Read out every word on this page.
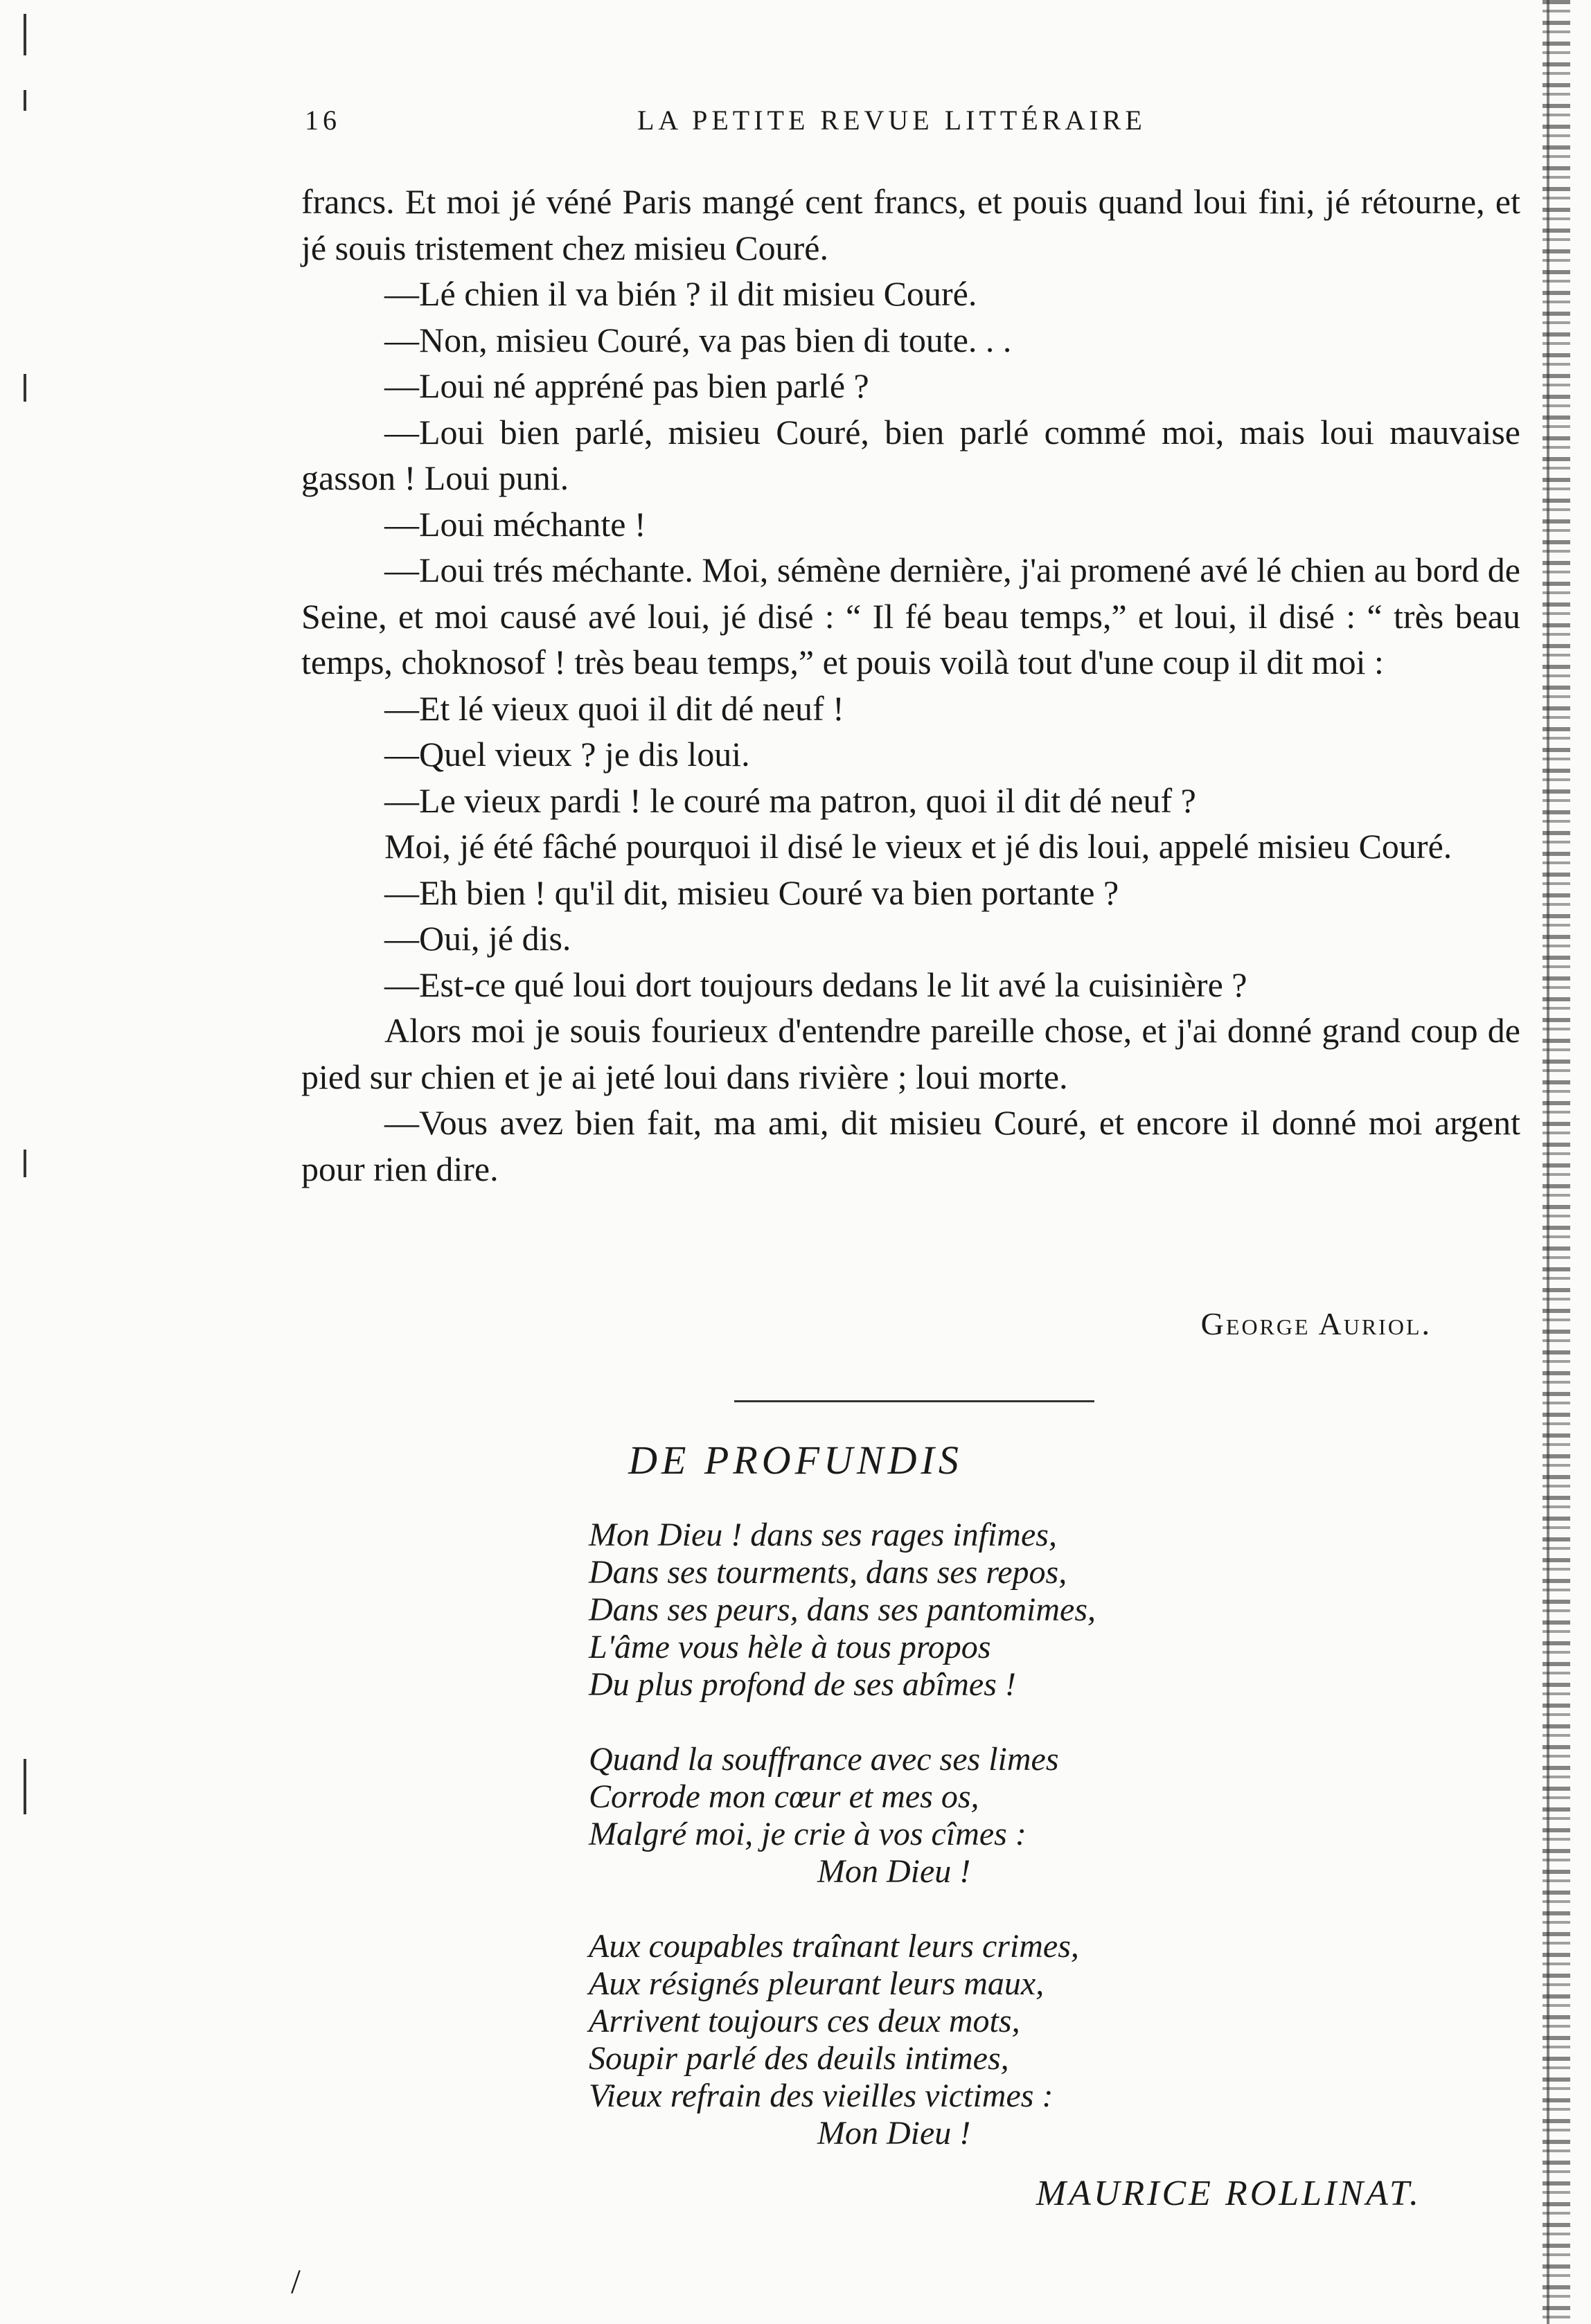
16	LA PETITE REVUE LITTÉRAIRE

francs. Et moi jé véné Paris mangé cent francs, et pouis quand loui fini, jé rétourne, et jé souis tristement chez misieu Couré.

—Lé chien il va bién ? il dit misieu Couré.

—Non, misieu Couré, va pas bien di toute. . .

—Loui né appréné pas bien parlé ?

—Loui bien parlé, misieu Couré, bien parlé commé moi, mais loui mauvaise gasson ! Loui puni.

—Loui méchante !

—Loui trés méchante. Moi, sémène dernière, j'ai promené avé lé chien au bord de Seine, et moi causé avé loui, jé disé : “ Il fé beau temps,” et loui, il disé : “ très beau temps, choknosof ! très beau temps,” et pouis voilà tout d'une coup il dit moi :

—Et lé vieux quoi il dit dé neuf !

—Quel vieux ? je dis loui.

—Le vieux pardi ! le couré ma patron, quoi il dit dé neuf ?

Moi, jé été fâché pourquoi il disé le vieux et jé dis loui, appelé misieu Couré.

—Eh bien ! qu'il dit, misieu Couré va bien portante ?

—Oui, jé dis.

—Est-ce qué loui dort toujours dedans le lit avé la cuisinière ?

Alors moi je souis fourieux d'entendre pareille chose, et j'ai donné grand coup de pied sur chien et je ai jeté loui dans rivière ; loui morte.

—Vous avez bien fait, ma ami, dit misieu Couré, et encore il donné moi argent pour rien dire.

George Auriol.
DE PROFUNDIS
Mon Dieu ! dans ses rages infimes,
Dans ses tourments, dans ses repos,
Dans ses peurs, dans ses pantomimes,
L'âme vous hèle à tous propos
Du plus profond de ses abîmes !
Quand la souffrance avec ses limes
Corrode mon cœur et mes os,
Malgré moi, je crie à vos cîmes :
Mon Dieu !
Aux coupables traînant leurs crimes,
Aux résignés pleurant leurs maux,
Arrivent toujours ces deux mots,
Soupir parlé des deuils intimes,
Vieux refrain des vieilles victimes :
Mon Dieu !
MAURICE ROLLINAT.
/
